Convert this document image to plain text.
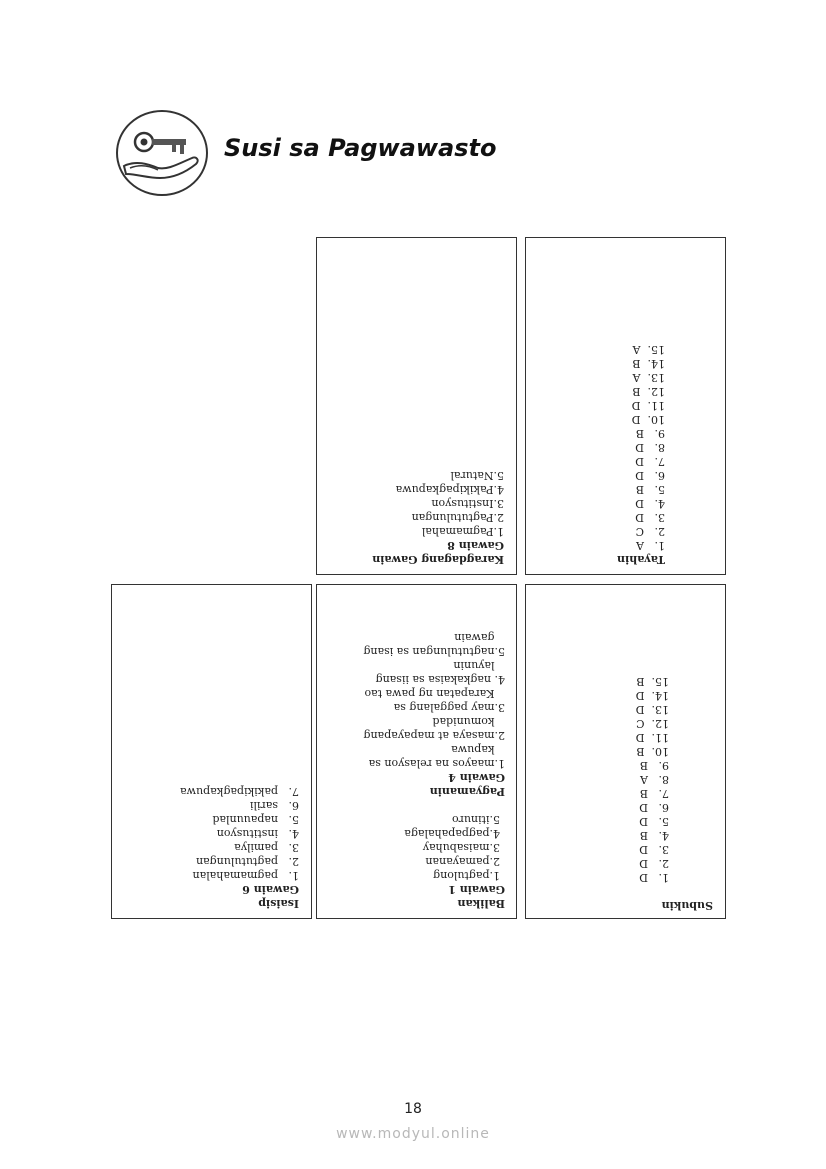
Susi sa Pagwawasto
Tayahin
1.   A
2.   C
3.   D
4.   D
5.   B
6.   D
7.   D
8.   D
9.   B
10.  D
11.  D
12.  B
13.  A
14.  B
15.  A
Karagdagang Gawain
Gawain 8
1.Pagmamahal
2.Pagtutulungan
3.Institusyon
4.Pakikipagkapuwa
5.Natural
Subukin
1.   D
2.   D
3.   D
4.   B
5.   D
6.   D
7.   B
8.   A
9.   B
10.  B
11.  D
12.  C
13.  D
14.  D
15.  B
Balikan
Gawain 1
1.pagtulong
2.pamayanan
3.maisabuhay
4.pagpapahalaga
5.itinuro
Pagyamanin
Gawain 4
1.maayos na relasyon sa
kapuwa
2.masaya at mapayapang
komunidad
3.may paggalang sa
Karapatan ng pawa tao
4. nagkakaisa sa iisang
layunin
5.nagtutulungan sa isang
gawain
Isaisip
Gawain 6
1.   pagmamahalan
2.   pagtutulungan
3.   pamilya
4.   institusyon
5.   napauunlad
6.   sarili
7.   pakikipagkapuwa
18
www.modyul.online
